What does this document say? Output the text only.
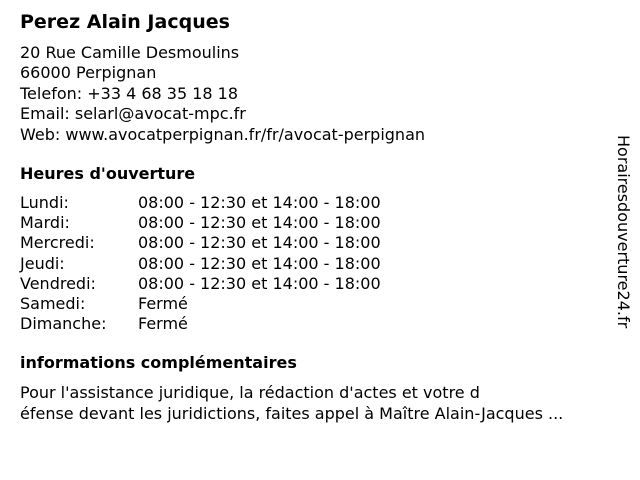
Perez Alain Jacques
20 Rue Camille Desmoulins
66000 Perpignan
Telefon: +33 4 68 35 18 18
Email: selarl@avocat-mpc.fr
Web: www.avocatperpignan.fr/fr/avocat-perpignan
Heures d'ouverture
Lundi:	08:00 - 12:30 et 14:00 - 18:00
Mardi:	08:00 - 12:30 et 14:00 - 18:00
Mercredi:	08:00 - 12:30 et 14:00 - 18:00
Jeudi:	08:00 - 12:30 et 14:00 - 18:00
Vendredi:	08:00 - 12:30 et 14:00 - 18:00
Samedi:	Fermé
Dimanche:	Fermé
informations complémentaires
Pour l'assistance juridique, la rédaction d'actes et votre d
éfense devant les juridictions, faites appel à Maître Alain-Jacques ...
Horairesdouverture24.fr
